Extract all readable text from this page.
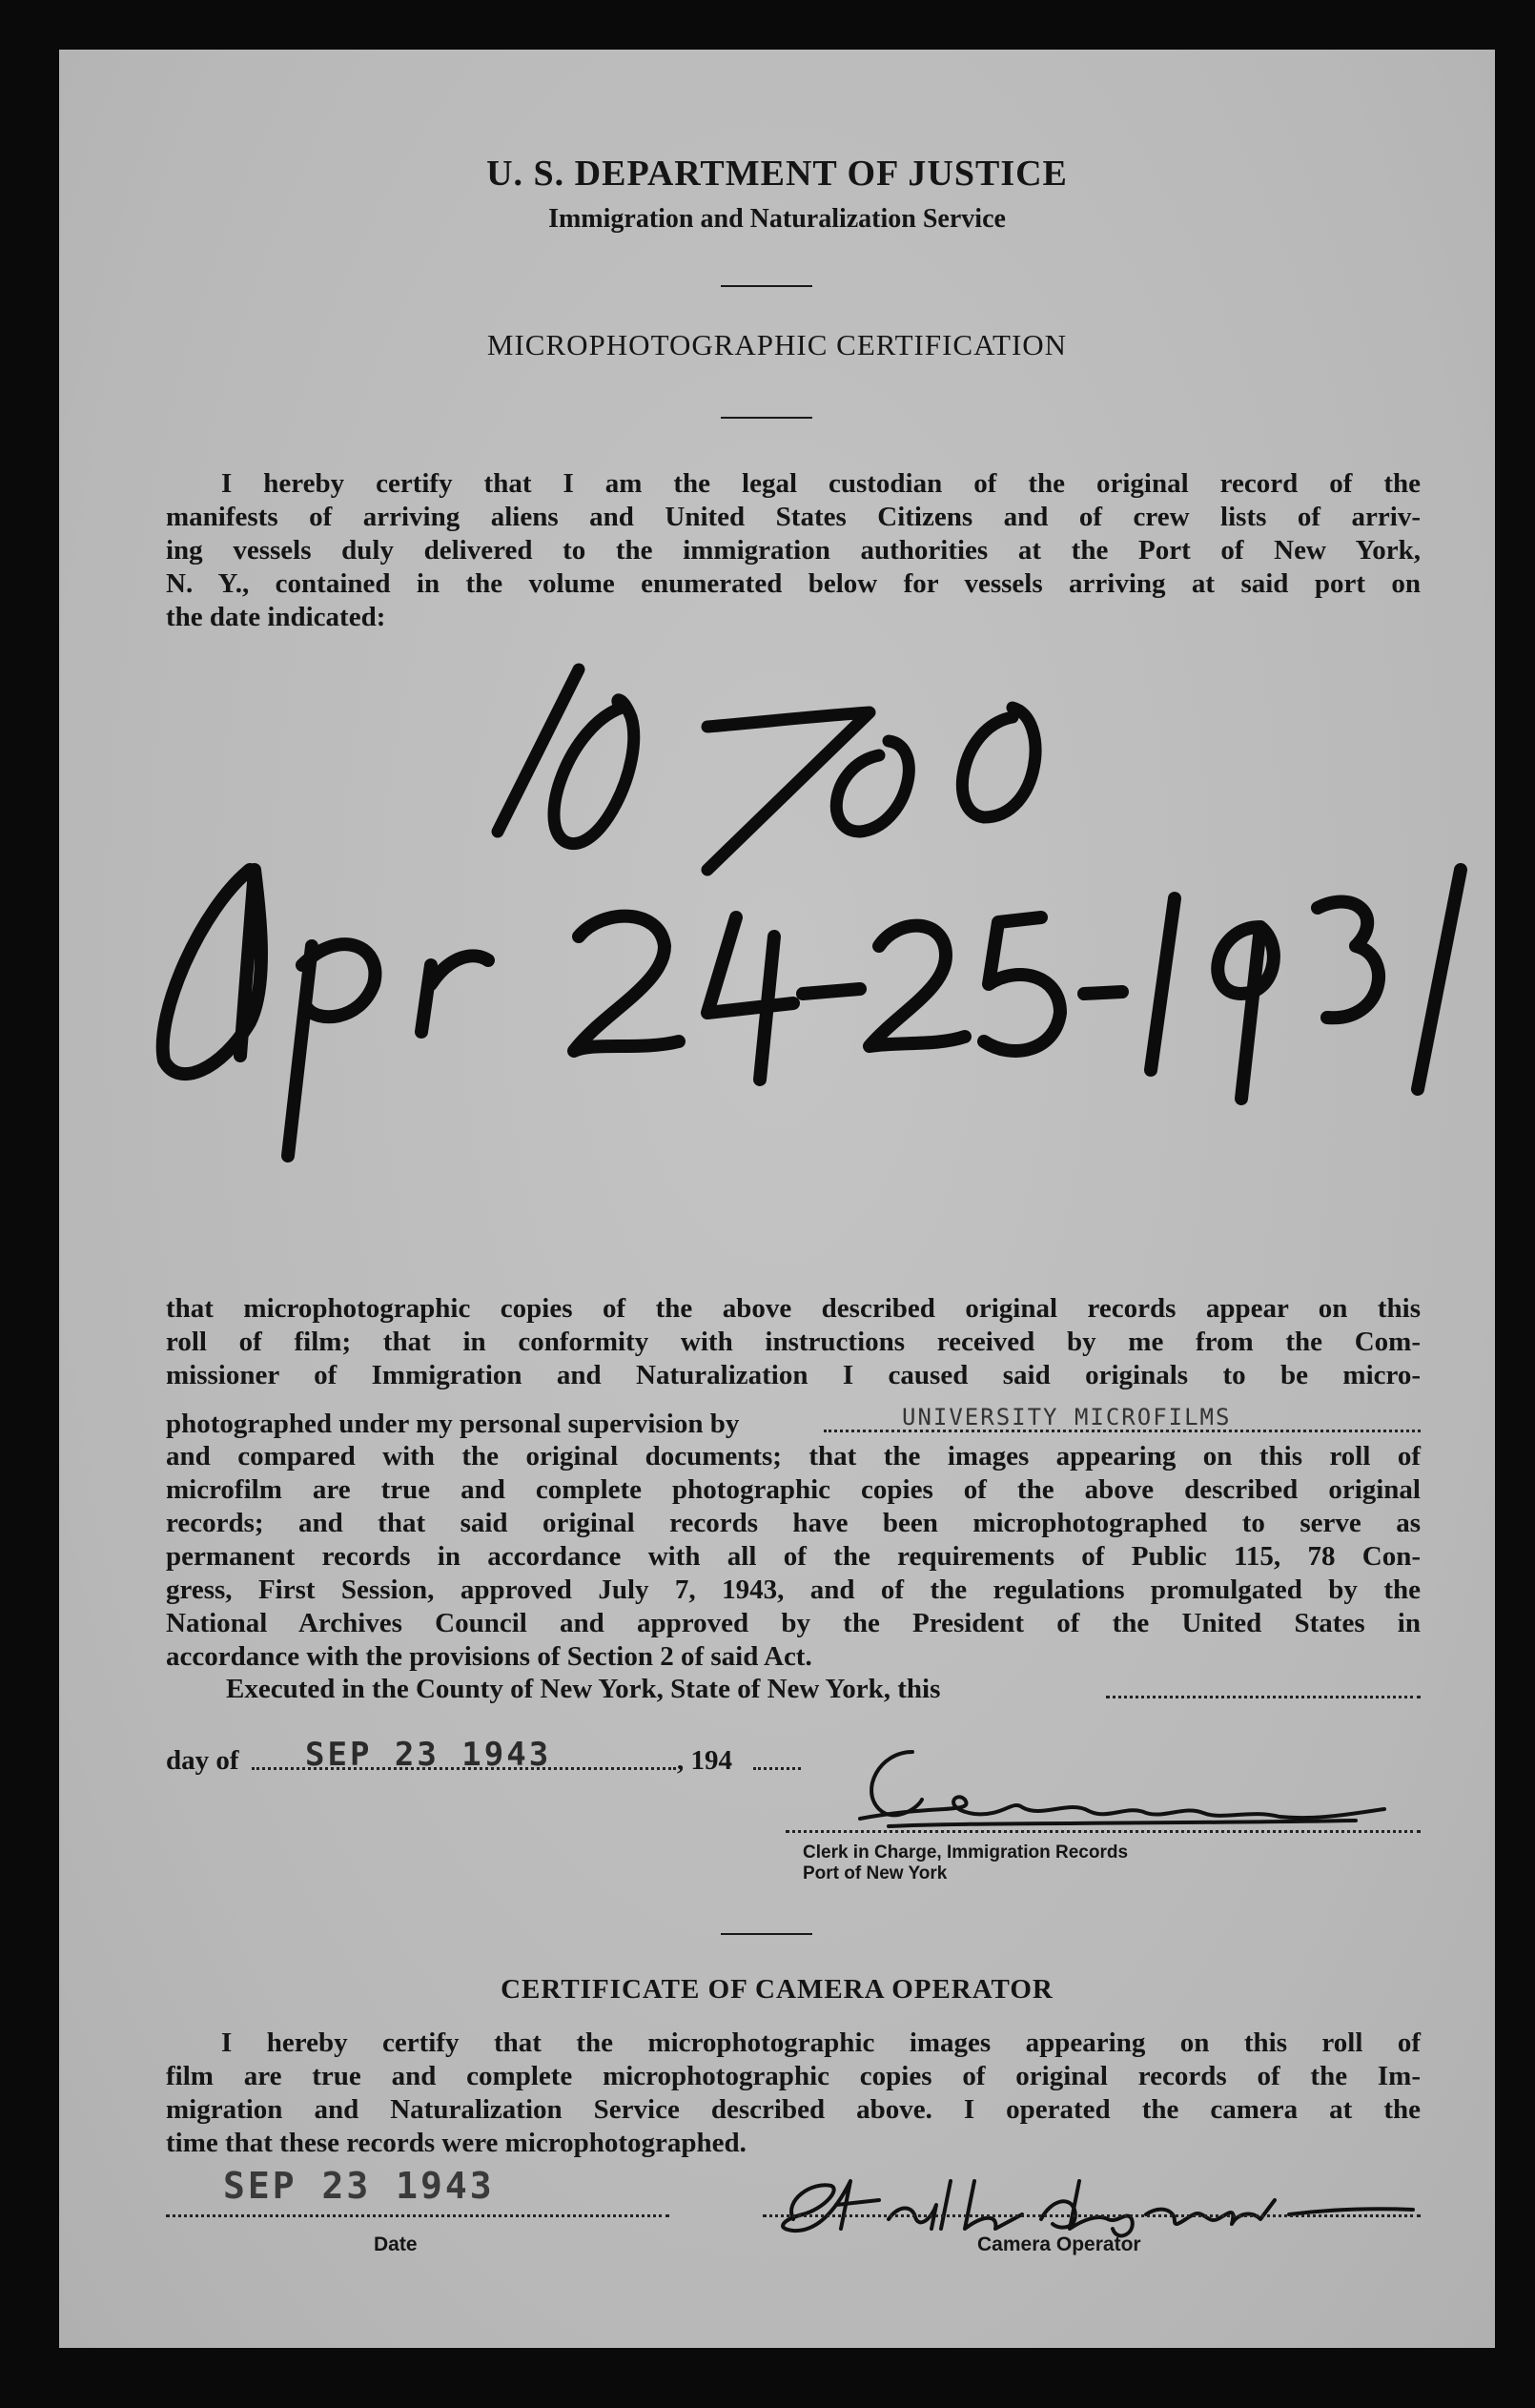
U. S. DEPARTMENT OF JUSTICE
Immigration and Naturalization Service
MICROPHOTOGRAPHIC CERTIFICATION

I hereby certify that I am the legal custodian of the original record of the

manifests of arriving aliens and United States Citizens and of crew lists of arriv-

ing vessels duly delivered to the immigration authorities at the Port of New York,

N. Y., contained in the volume enumerated below for vessels arriving at said port on

the date indicated:

that microphotographic copies of the above described original records appear on this

roll of film; that in conformity with instructions received by me from the Com-

missioner of Immigration and Naturalization I caused said originals to be micro-

photographed under my personal supervision by	UNIVERSITY MICROFILMS

and compared with the original documents; that the images appearing on this roll of

microfilm are true and complete photographic copies of the above described original

records; and that said original records have been microphotographed to serve as

permanent records in accordance with all of the requirements of Public 115, 78 Con-

gress, First Session, approved July 7, 1943, and of the regulations promulgated by the

National Archives Council and approved by the President of the United States in

accordance with the provisions of Section 2 of said Act.

Executed in the County of New York, State of New York, this
day of SEP 23 1943	, 194
Clerk in Charge, Immigration Records
Port of New York
CERTIFICATE OF CAMERA OPERATOR

I hereby certify that the microphotographic images appearing on this roll of

film are true and complete microphotographic copies of original records of the Im-

migration and Naturalization Service described above. I operated the camera at the

time that these records were microphotographed.

SEP 23 1943
Date	Camera Operator
